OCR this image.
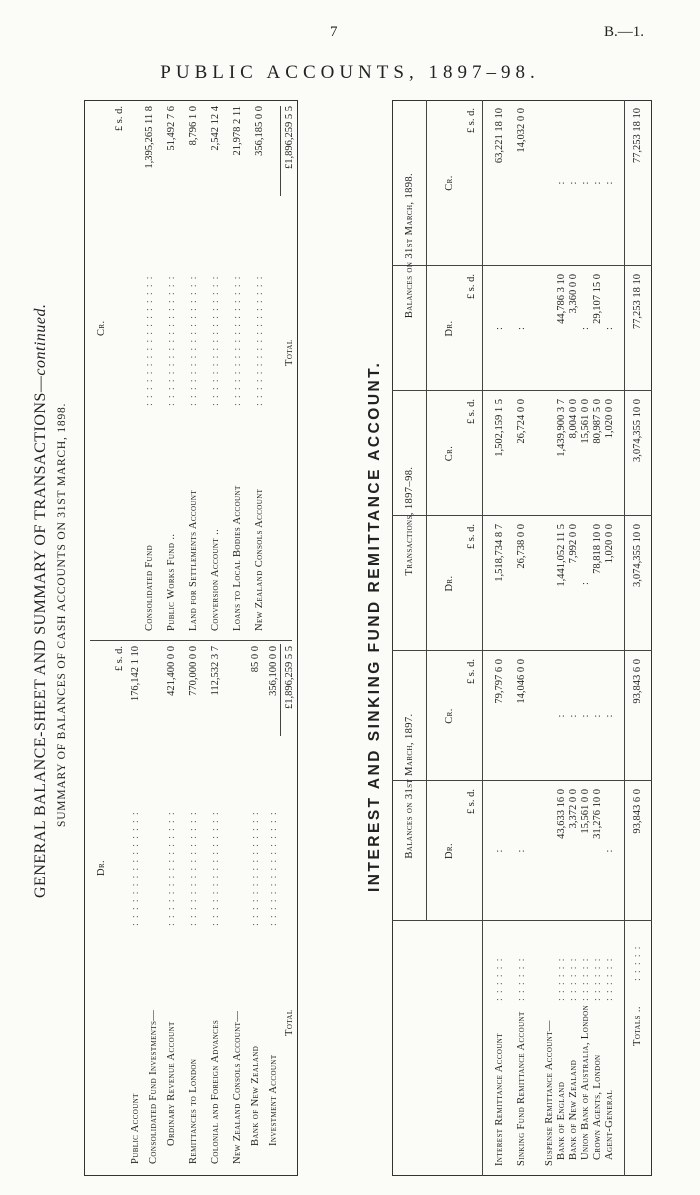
7	B.—1.
PUBLIC ACCOUNTS, 1897–98.
GENERAL BALANCE-SHEET AND SUMMARY OF TRANSACTIONS—continued.
SUMMARY OF BALANCES OF CASH ACCOUNTS ON 31ST MARCH, 1898.
Dr.
Cr.
£ s. d.
£ s. d.
Public Account
:::::::::::::::
176,142 1 10
Consolidated Fund Investments— Ordinary Revenue Account
:::::::::::::::
421,400 0 0
Remittances to London
:::::::::::::::
770,000 0 0
Colonial and Foreign Advances
:::::::::::::::
112,532 3 7
New Zealand Consols Account— Bank of New Zealand
:::::::::::::::
85 0 0
Investment Account
:::::::::::::::
356,100 0 0
Total
£1,896,259 5 5
Consolidated Fund
:::::::::::::::::
1,395,265 11 8
Public Works Fund ..
:::::::::::::::::
51,492 7 6
Land for Settlements Account
:::::::::::::::::
8,796 1 0
Conversion Account ..
:::::::::::::::::
2,542 12 4
Loans to Local Bodies Account
:::::::::::::::::
21,978 2 11
New Zealand Consols Account
:::::::::::::::::
356,185 0 0
Total
£1,896,259 5 5
INTEREST AND SINKING FUND REMITTANCE ACCOUNT. Balances on 31st March, 1897.
Transactions, 1897–98.
Balances on 31st March, 1898.
Dr.
£ s. d.
Cr.
£ s. d.
Dr.
£ s. d.
Cr.
£ s. d.
Dr.
£ s. d.
Cr.
£ s. d.
Interest Remittance Account
::::::
:
79,797 6 0
1,518,734 8 7
1,502,159 1 5
:
63,221 18 10
Sinking Fund Remittance Account
::::::
:
14,046 0 0
26,738 0 0
26,724 0 0
:
14,032 0 0
Suspense Remittance Account— Bank of England
::::::
43,633 16 0
:
1,441,052 11 5
1,439,900 3 7
44,786 3 10
:
Bank of New Zealand
::::::
3,372 0 0
:
7,992 0 0
8,004 0 0
3,360 0 0
:
Union Bank of Australia, London
::::::
15,561 0 0
:
:
15,561 0 0
:
:
Crown Agents, London
::::::
31,276 10 0
:
78,818 10 0
80,987 5 0
29,107 15 0
:
Agent-General
::::::
:
:
1,020 0 0
1,020 0 0
:
:
Totals ..
:::::
93,843 6 0
93,843 6 0
3,074,355 10 0
3,074,355 10 0
77,253 18 10
77,253 18 10
